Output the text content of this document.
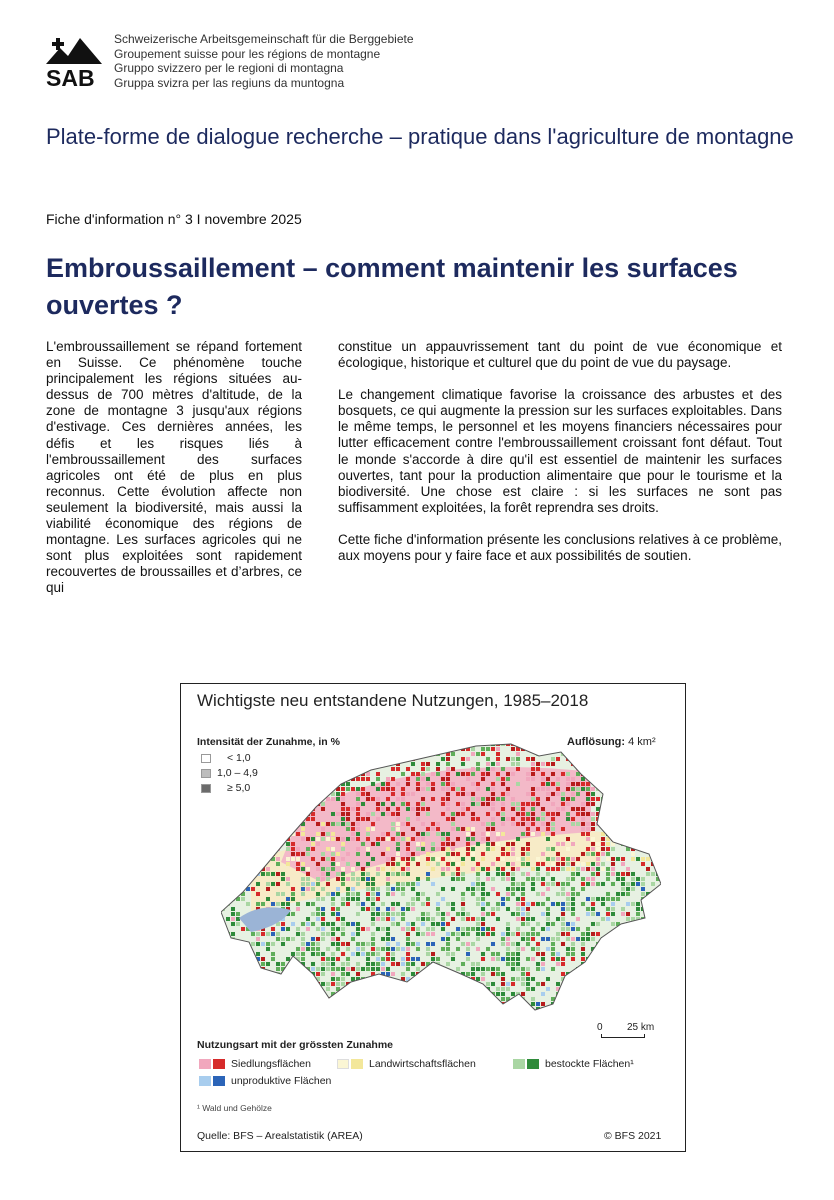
SAB
Schweizerische Arbeitsgemeinschaft für die Berggebiete
Groupement suisse pour les régions de montagne
Gruppo svizzero per le regioni di montagna
Gruppa svizra per las regiuns da muntogna
Plate-forme de dialogue recherche – pratique dans l'agriculture de montagne
Fiche d'information n° 3 I novembre 2025
Embroussaillement – comment maintenir les surfaces ouvertes ?

L'embroussaillement se répand fortement en Suisse. Ce phénomène touche principalement les régions situées au-dessus de 700 mètres d'altitude, de la zone de montagne 3 jusqu'aux régions d'estivage. Ces dernières années, les défis et les risques liés à l'embroussaillement des surfaces agricoles ont été de plus en plus reconnus. Cette évolution affecte non seulement la biodiversité, mais aussi la viabilité économique des régions de montagne. Les surfaces agricoles qui ne sont plus exploitées sont rapidement recouvertes de broussailles et d’arbres, ce qui

constitue un appauvrissement tant du point de vue économique et écologique, historique et culturel que du point de vue du paysage.

Le changement climatique favorise la croissance des arbustes et des bosquets, ce qui augmente la pression sur les surfaces exploitables. Dans le même temps, le personnel et les moyens financiers nécessaires pour lutter efficacement contre l'embroussaillement croissant font défaut. Tout le monde s'accorde à dire qu'il est essentiel de maintenir les surfaces ouvertes, tant pour la production alimentaire que pour le tourisme et la biodiversité. Une chose est claire : si les surfaces ne sont pas suffisamment exploitées, la forêt reprendra ses droits.

Cette fiche d'information présente les conclusions relatives à ce problème, aux moyens pour y faire face et aux possibilités de soutien.

Wichtigste neu entstandene Nutzungen, 1985–2018
Intensität der Zunahme, in %
< 1,0
1,0 – 4,9
≥ 5,0
Auflösung: 4 km²
0 25 km
Nutzungsart mit der grössten Zunahme
Siedlungsflächen	Landwirtschaftsflächen	bestockte Flächen¹
unproduktive Flächen
¹ Wald und Gehölze
Quelle: BFS – Arealstatistik (AREA)	© BFS 2021
